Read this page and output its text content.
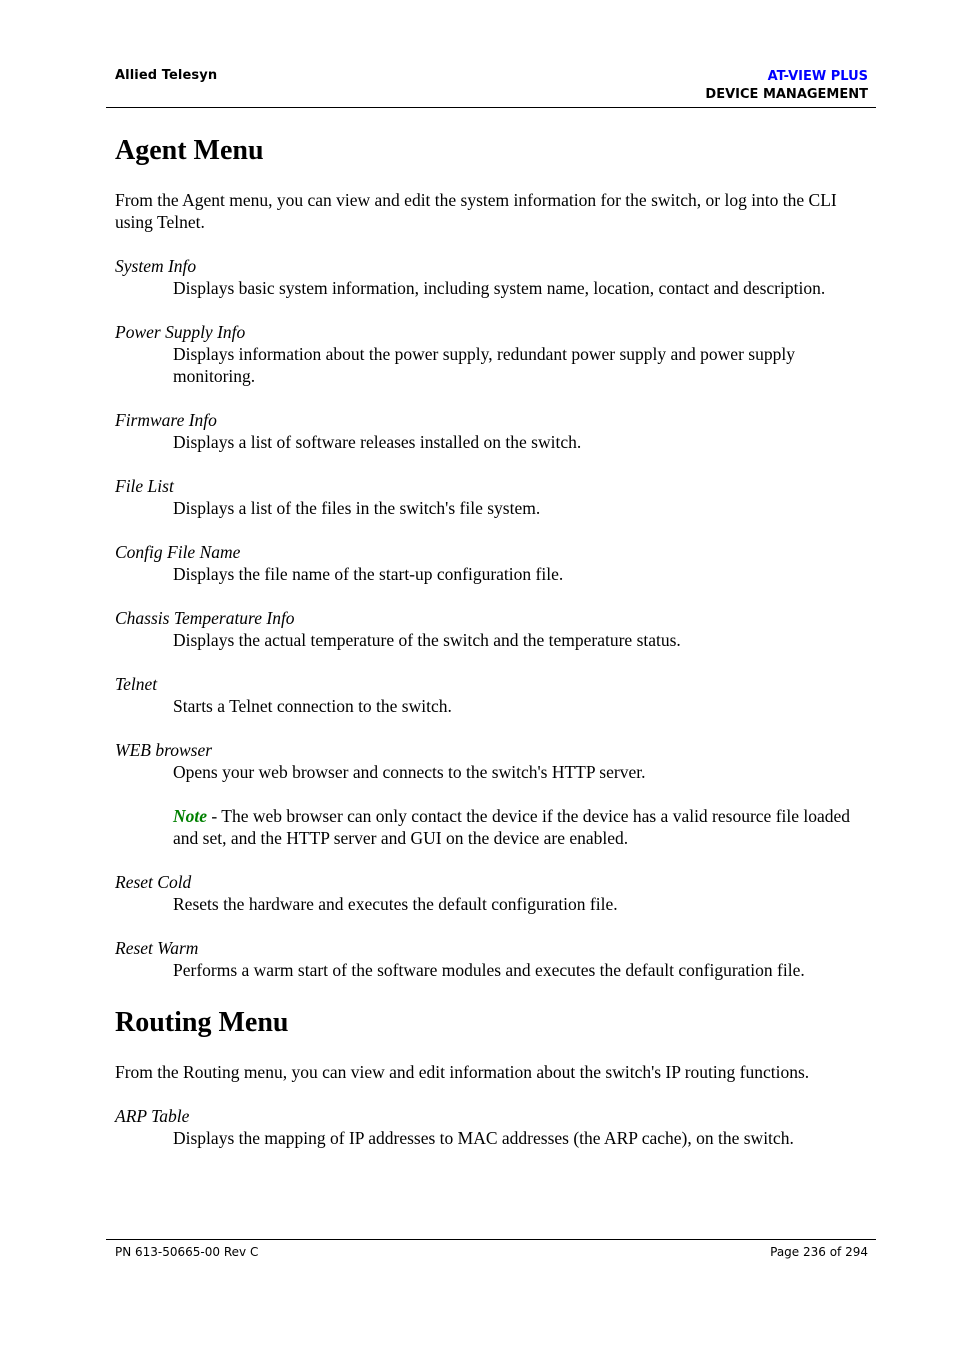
Allied Telesyn	AT-VIEW PLUS
DEVICE MANAGEMENT
Agent Menu

From the Agent menu, you can view and edit the system information for the switch, or log into the CLI using Telnet.

System Info
Displays basic system information, including system name, location, contact and description.
Power Supply Info
Displays information about the power supply, redundant power supply and power supply monitoring.
Firmware Info
Displays a list of software releases installed on the switch.
File List
Displays a list of the files in the switch's file system.
Config File Name
Displays the file name of the start-up configuration file.
Chassis Temperature Info
Displays the actual temperature of the switch and the temperature status.
Telnet
Starts a Telnet connection to the switch.
WEB browser
Opens your web browser and connects to the switch's HTTP server.
Note - The web browser can only contact the device if the device has a valid resource file loaded and set, and the HTTP server and GUI on the device are enabled.
Reset Cold
Resets the hardware and executes the default configuration file.
Reset Warm
Performs a warm start of the software modules and executes the default configuration file.
Routing Menu

From the Routing menu, you can view and edit information about the switch's IP routing functions.

ARP Table
Displays the mapping of IP addresses to MAC addresses (the ARP cache), on the switch.
PN 613-50665-00 Rev C	Page 236 of 294
